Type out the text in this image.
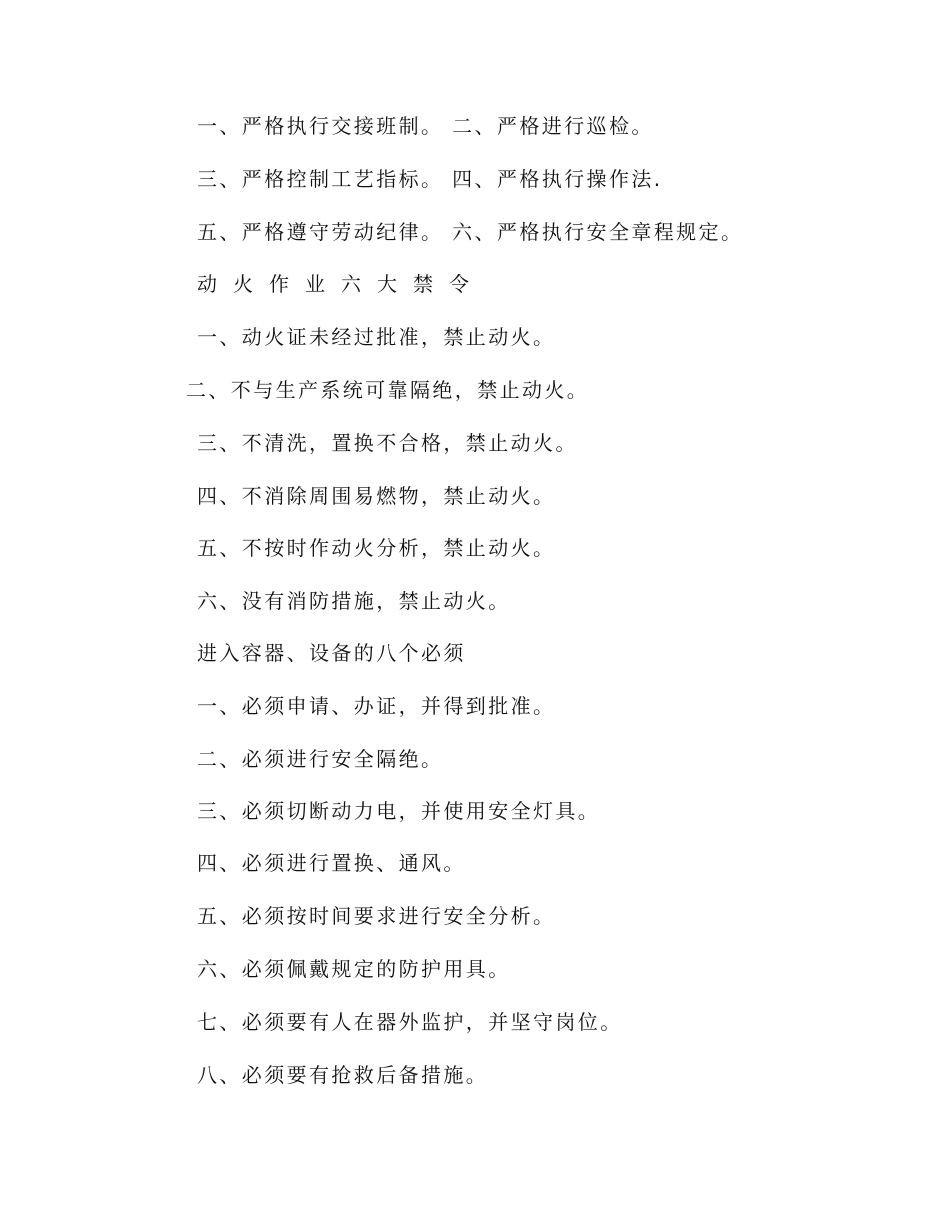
一、严格执行交接班制。 二、严格进行巡检。
三、严格控制工艺指标。 四、严格执行操作法.
五、严格遵守劳动纪律。 六、严格执行安全章程规定。
动火作业六大禁令
一、动火证未经过批准，禁止动火。
二、不与生产系统可靠隔绝，禁止动火。
三、不清洗，置换不合格，禁止动火。
四、不消除周围易燃物，禁止动火。
五、不按时作动火分析，禁止动火。
六、没有消防措施，禁止动火。
进入容器、设备的八个必须
一、必须申请、办证，并得到批准。
二、必须进行安全隔绝。
三、必须切断动力电，并使用安全灯具。
四、必须进行置换、通风。
五、必须按时间要求进行安全分析。
六、必须佩戴规定的防护用具。
七、必须要有人在器外监护，并坚守岗位。
八、必须要有抢救后备措施。
